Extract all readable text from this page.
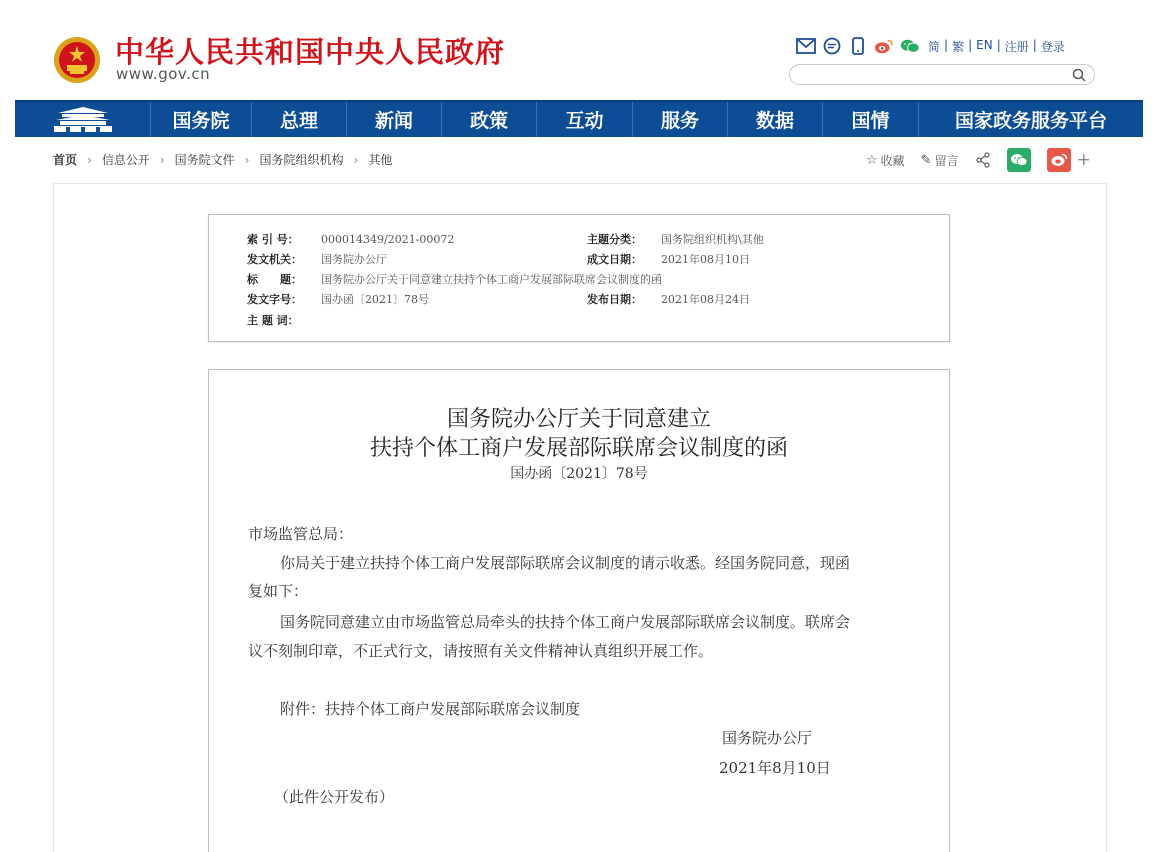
中华人民共和国中央人民政府
www.gov.cn
简 | 繁 | EN | 注册 | 登录
国务院	总理	新闻	政策	互动	服务	数据	国情	国家政务服务平台
首页 › 信息公开 › 国务院文件 › 国务院组织机构 › 其他	☆ 收藏 ✎ 留言	+
索 引 号： 000014349/2021-00072	主题分类： 国务院组织机构\其他
发文机关： 国务院办公厅	成文日期： 2021年08月10日
标　　题： 国务院办公厅关于同意建立扶持个体工商户发展部际联席会议制度的函
发文字号： 国办函〔2021〕78号	发布日期： 2021年08月24日
主 题 词：
国务院办公厅关于同意建立
扶持个体工商户发展部际联席会议制度的函
国办函〔2021〕78号
市场监管总局：
你局关于建立扶持个体工商户发展部际联席会议制度的请示收悉。经国务院同意，现函
复如下：
国务院同意建立由市场监管总局牵头的扶持个体工商户发展部际联席会议制度。联席会
议不刻制印章，不正式行文，请按照有关文件精神认真组织开展工作。
附件：扶持个体工商户发展部际联席会议制度
国务院办公厅
2021年8月10日
（此件公开发布）
